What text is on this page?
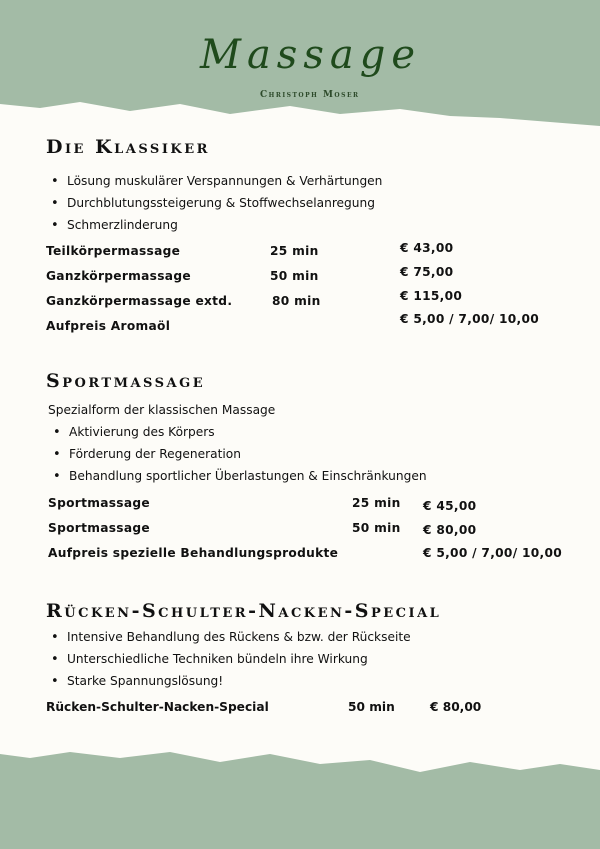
Massage
Christoph Moser
Die Klassiker
• Lösung muskulärer Verspannungen & Verhärtungen
• Durchblutungssteigerung & Stoffwechselanregung
• Schmerzlinderung
Teilkörpermassage	25 min	€ 43,00
Ganzkörpermassage	50 min	€ 75,00
Ganzkörpermassage extd.	80 min	€ 115,00
Aufpreis Aromaöl	€ 5,00 / 7,00/ 10,00
Sportmassage
Spezialform der klassischen Massage
• Aktivierung des Körpers
• Förderung der Regeneration
• Behandlung sportlicher Überlastungen & Einschränkungen
Sportmassage	25 min € 45,00
Sportmassage	50 min € 80,00
Aufpreis spezielle Behandlungsprodukte	€ 5,00 / 7,00/ 10,00
Rücken-Schulter-Nacken-Special
• Intensive Behandlung des Rückens & bzw. der Rückseite
• Unterschiedliche Techniken bündeln ihre Wirkung
• Starke Spannungslösung!
Rücken-Schulter-Nacken-Special	50 min	€ 80,00
